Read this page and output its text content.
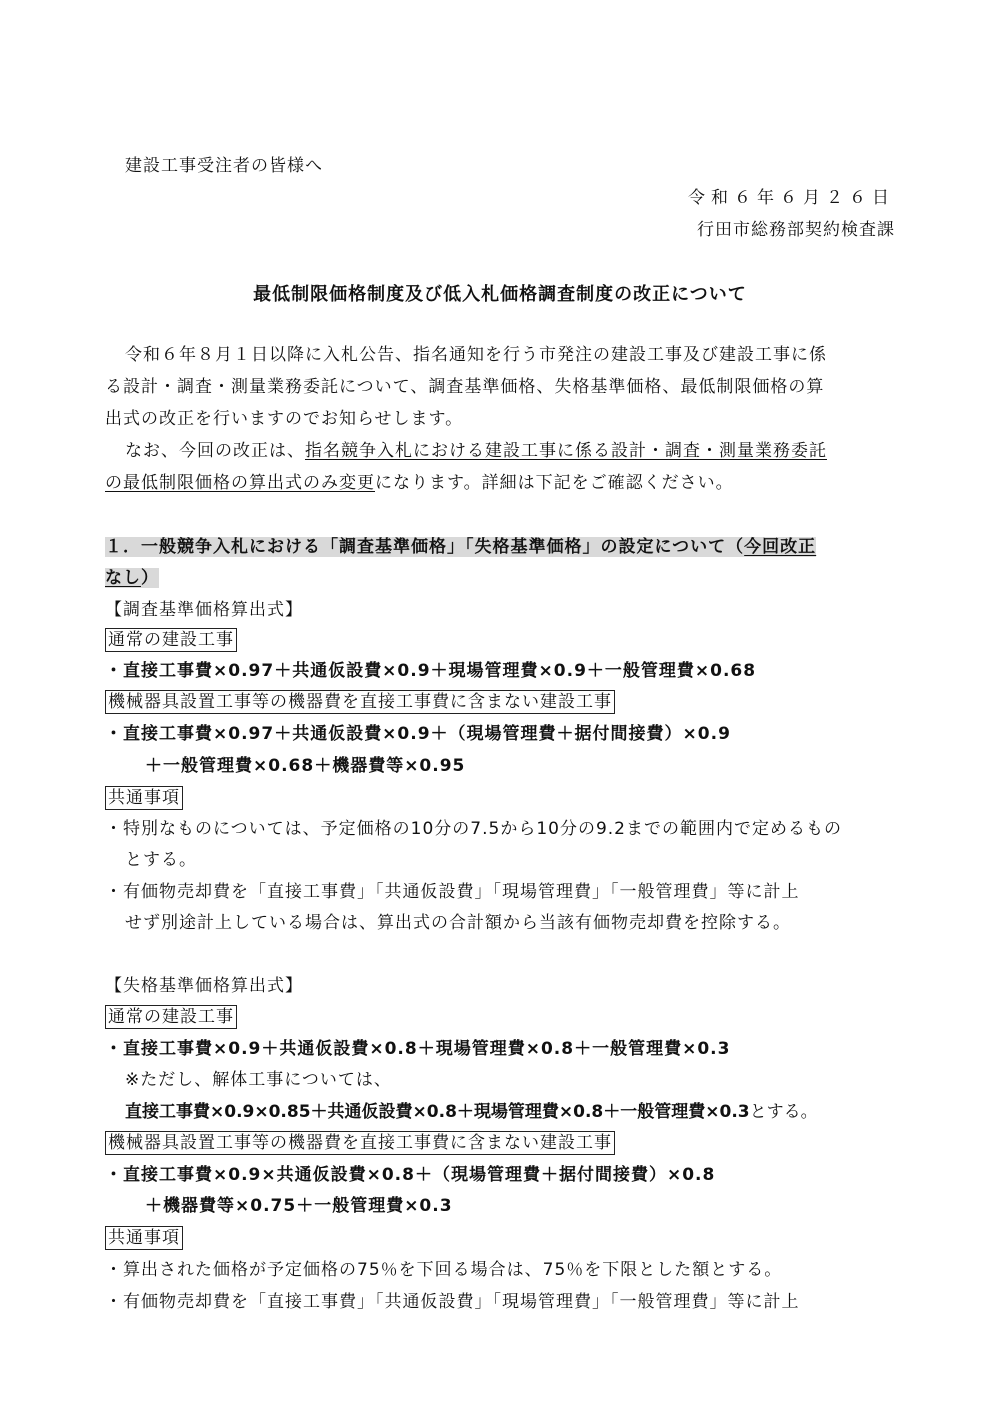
建設工事受注者の皆様へ
令和６年６月２６日
行田市総務部契約検査課
最低制限価格制度及び低入札価格調査制度の改正について
令和６年８月１日以降に入札公告、指名通知を行う市発注の建設工事及び建設工事に係
る設計・調査・測量業務委託について、調査基準価格、失格基準価格、最低制限価格の算
出式の改正を行いますのでお知らせします。
なお、今回の改正は、指名競争入札における建設工事に係る設計・調査・測量業務委託
の最低制限価格の算出式のみ変更になります。詳細は下記をご確認ください。
１．一般競争入札における「調査基準価格」「失格基準価格」の設定について（今回改正
なし）
【調査基準価格算出式】
通常の建設工事
・直接工事費×0.97＋共通仮設費×0.9＋現場管理費×0.9＋一般管理費×0.68
機械器具設置工事等の機器費を直接工事費に含まない建設工事
・直接工事費×0.97＋共通仮設費×0.9＋（現場管理費＋据付間接費）×0.9
＋一般管理費×0.68＋機器費等×0.95
共通事項
・特別なものについては、予定価格の10分の7.5から10分の9.2までの範囲内で定めるもの
とする。
・有価物売却費を「直接工事費」「共通仮設費」「現場管理費」「一般管理費」等に計上
せず別途計上している場合は、算出式の合計額から当該有価物売却費を控除する。
【失格基準価格算出式】
通常の建設工事
・直接工事費×0.9＋共通仮設費×0.8＋現場管理費×0.8＋一般管理費×0.3
※ただし、解体工事については、
直接工事費×0.9×0.85＋共通仮設費×0.8＋現場管理費×0.8＋一般管理費×0.3とする。
機械器具設置工事等の機器費を直接工事費に含まない建設工事
・直接工事費×0.9×共通仮設費×0.8＋（現場管理費＋据付間接費）×0.8
＋機器費等×0.75＋一般管理費×0.3
共通事項
・算出された価格が予定価格の75％を下回る場合は、75％を下限とした額とする。
・有価物売却費を「直接工事費」「共通仮設費」「現場管理費」「一般管理費」等に計上
